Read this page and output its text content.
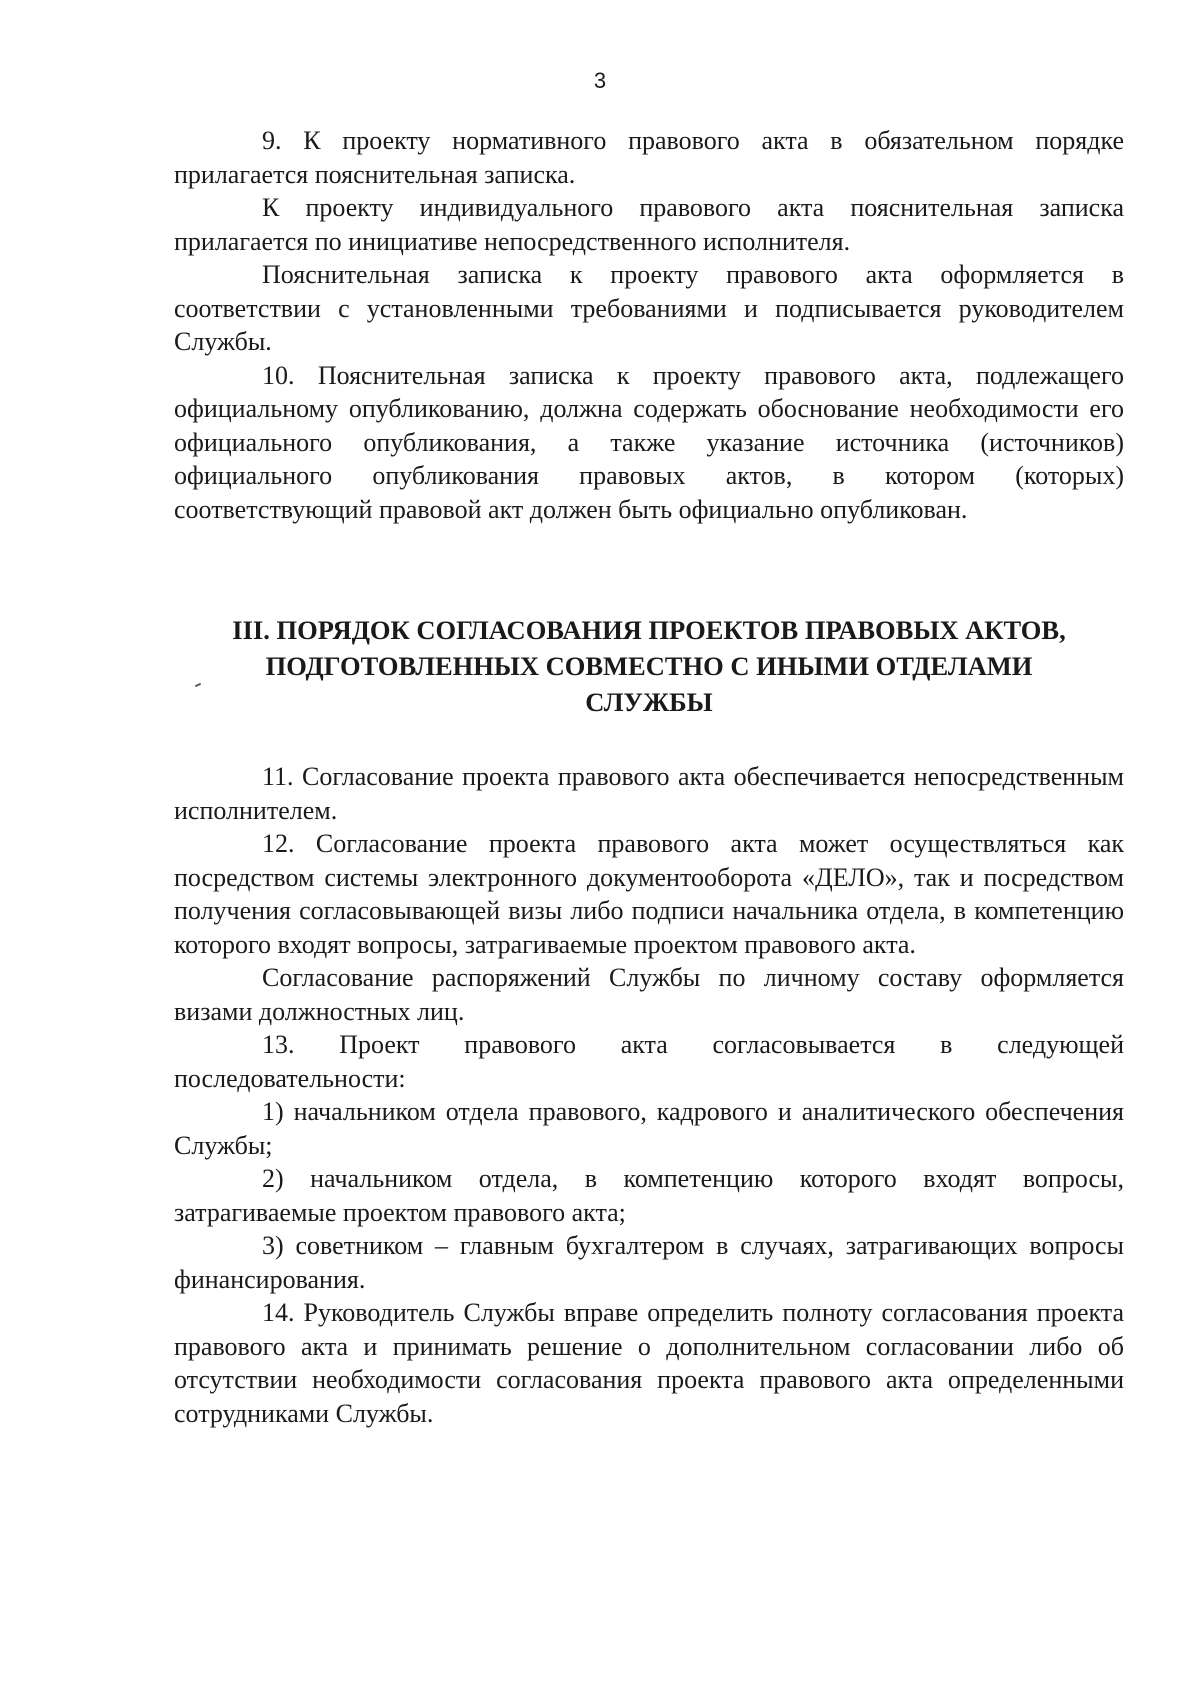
3

9. К проекту нормативного правового акта в обязательном порядке прилагается пояснительная записка.

К проекту индивидуального правового акта пояснительная записка прилагается по инициативе непосредственного исполнителя.

Пояснительная записка к проекту правового акта оформляется в соответствии с установленными требованиями и подписывается руководителем Службы.

10. Пояснительная записка к проекту правового акта, подлежащего официальному опубликованию, должна содержать обоснование необходимости его официального опубликования, а также указание источника (источников) официального опубликования правовых актов, в котором (которых) соответствующий правовой акт должен быть официально опубликован.

III. ПОРЯДОК СОГЛАСОВАНИЯ ПРОЕКТОВ ПРАВОВЫХ АКТОВ,
ПОДГОТОВЛЕННЫХ СОВМЕСТНО С ИНЫМИ ОТДЕЛАМИ
СЛУЖБЫ

11. Согласование проекта правового акта обеспечивается непосредственным исполнителем.

12. Согласование проекта правового акта может осуществляться как посредством системы электронного документооборота «ДЕЛО», так и посредством получения согласовывающей визы либо подписи начальника отдела, в компетенцию которого входят вопросы, затрагиваемые проектом правового акта.

Согласование распоряжений Службы по личному составу оформляется визами должностных лиц.

13. Проект правового акта согласовывается в следующей последовательности:

1) начальником отдела правового, кадрового и аналитического обеспечения Службы;

2) начальником отдела, в компетенцию которого входят вопросы, затрагиваемые проектом правового акта;

3) советником – главным бухгалтером в случаях, затрагивающих вопросы финансирования.

14. Руководитель Службы вправе определить полноту согласования проекта правового акта и принимать решение о дополнительном согласовании либо об отсутствии необходимости согласования проекта правового акта определенными сотрудниками Службы.
